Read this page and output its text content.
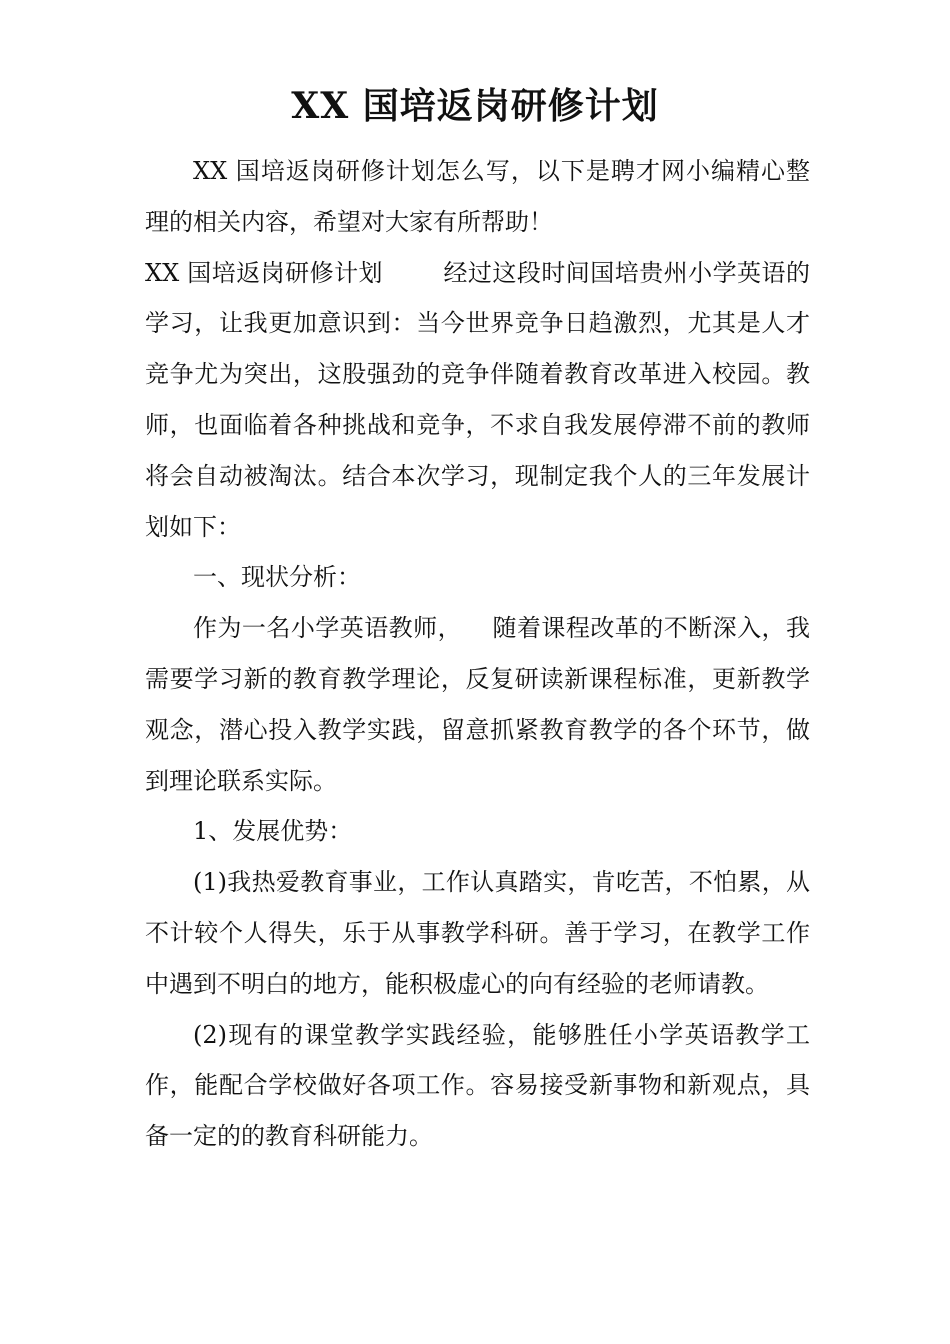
XX 国培返岗研修计划

XX 国培返岗研修计划怎么写，以下是聘才网小编精心整理的相关内容，希望对大家有所帮助！

XX 国培返岗研修计划	经过这段时间国培贵州小学英语的学习，让我更加意识到：当今世界竞争日趋激烈，尤其是人才竞争尤为突出，这股强劲的竞争伴随着教育改革进入校园。教师，也面临着各种挑战和竞争，不求自我发展停滞不前的教师将会自动被淘汰。结合本次学习，现制定我个人的三年发展计划如下：

一、现状分析：

作为一名小学英语教师， 随着课程改革的不断深入，我需要学习新的教育教学理论，反复研读新课程标准，更新教学观念，潜心投入教学实践，留意抓紧教育教学的各个环节，做到理论联系实际。

1、发展优势：

(1)我热爱教育事业，工作认真踏实，肯吃苦，不怕累，从不计较个人得失，乐于从事教学科研。善于学习，在教学工作中遇到不明白的地方，能积极虚心的向有经验的老师请教。

(2)现有的课堂教学实践经验，能够胜任小学英语教学工作，能配合学校做好各项工作。容易接受新事物和新观点，具备一定的的教育科研能力。
